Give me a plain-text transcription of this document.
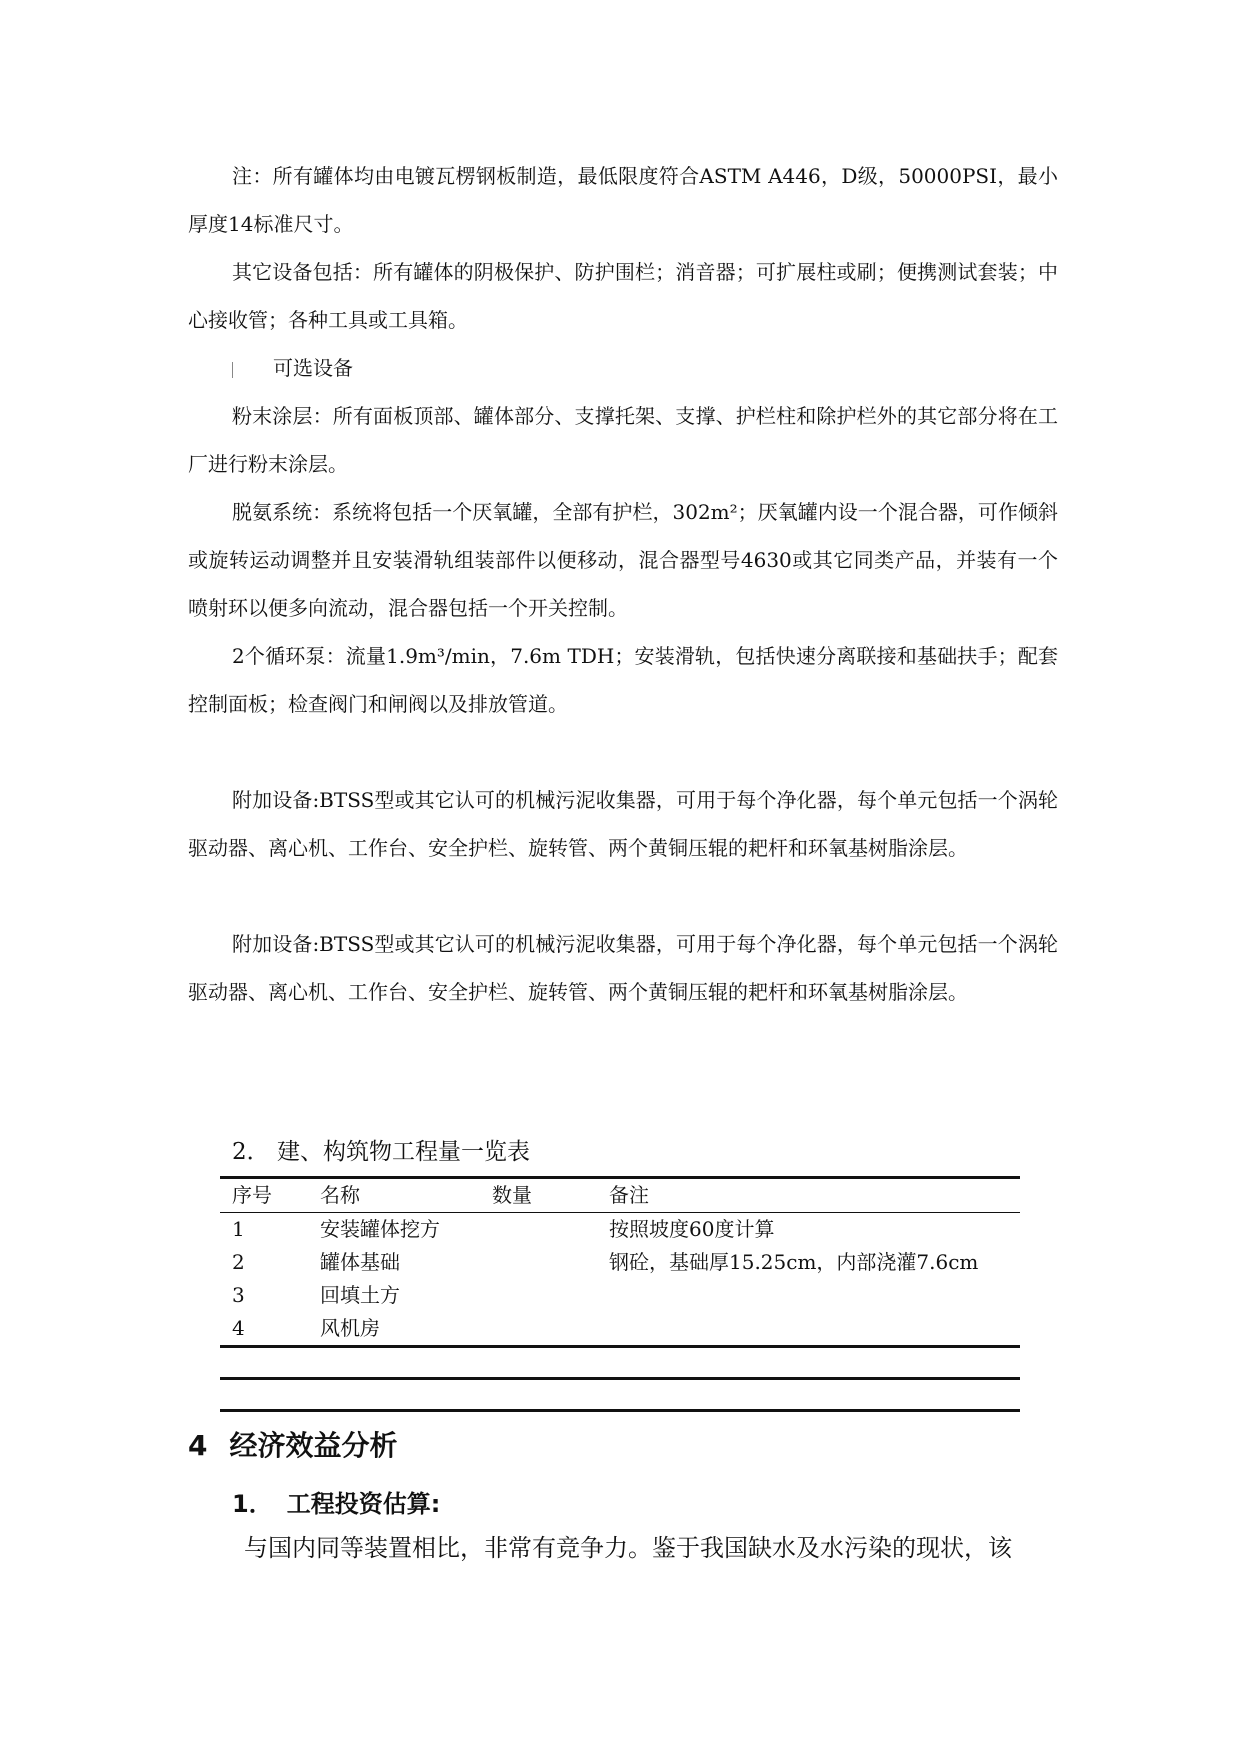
注：所有罐体均由电镀瓦楞钢板制造，最低限度符合ASTM A446，D级，50000PSI，最小厚度14标准尺寸。

其它设备包括：所有罐体的阴极保护、防护围栏；消音器；可扩展柱或刷；便携测试套装；中心接收管；各种工具或工具箱。

可选设备

粉末涂层：所有面板顶部、罐体部分、支撑托架、支撑、护栏柱和除护栏外的其它部分将在工厂进行粉末涂层。

脱氨系统：系统将包括一个厌氧罐，全部有护栏，302m²；厌氧罐内设一个混合器，可作倾斜或旋转运动调整并且安装滑轨组装部件以便移动，混合器型号4630或其它同类产品，并装有一个喷射环以便多向流动，混合器包括一个开关控制。

2个循环泵：流量1.9m³/min，7.6m TDH；安装滑轨，包括快速分离联接和基础扶手；配套控制面板；检查阀门和闸阀以及排放管道。

附加设备:BTSS型或其它认可的机械污泥收集器，可用于每个净化器，每个单元包括一个涡轮驱动器、离心机、工作台、安全护栏、旋转管、两个黄铜压辊的耙杆和环氧基树脂涂层。

附加设备:BTSS型或其它认可的机械污泥收集器，可用于每个净化器，每个单元包括一个涡轮驱动器、离心机、工作台、安全护栏、旋转管、两个黄铜压辊的耙杆和环氧基树脂涂层。

2． 建、构筑物工程量一览表

序号	名称	数量	备注
1	安装罐体挖方		按照坡度60度计算
2	罐体基础		钢砼，基础厚15.25cm，内部浇灌7.6cm
3	回填土方		
4	风机房		
4 经济效益分析
1． 工程投资估算:

与国内同等装置相比，非常有竞争力。鉴于我国缺水及水污染的现状，该
